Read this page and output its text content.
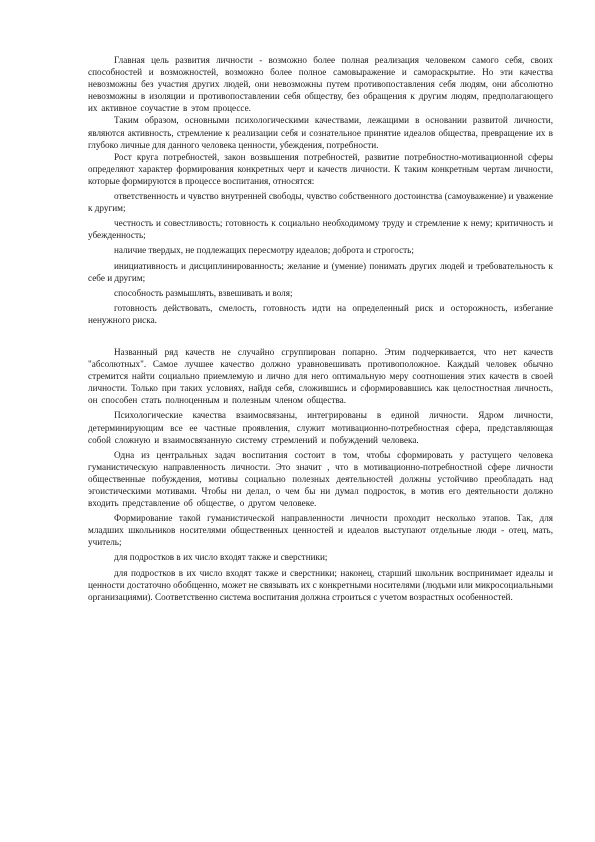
Главная цель развития личности - возможно более полная реализация человеком самого себя, своих способностей и возможностей, возможно более полное самовыражение и самораскрытие. Но эти качества невозможны без участия других людей, они невозможны путем противопоставления себя людям, они абсолютно невозможны в изоляции и противопоставлении себя обществу, без обращения к другим людям, предполагающего их активное соучастие в этом процессе.

Таким образом, основными психологическими качествами, лежащими в основании развитой личности, являются активность, стремление к реализации себя и сознательное принятие идеалов общества, превращение их в глубоко личные для данного человека ценности, убеждения, потребности.

Рост круга потребностей, закон возвышения потребностей, развитие потребностно-мотивационной сферы определяют характер формирования конкретных черт и качеств личности. К таким конкретным чертам личности, которые формируются в процессе воспитания, относятся:

ответственность и чувство внутренней свободы, чувство собственного достоинства (самоуважение) и уважение к другим;

честность и совестливость; готовность к социально необходимому труду и стремление к нему; критичность и убежденность;

наличие твердых, не подлежащих пересмотру идеалов; доброта и строгость;

инициативность и дисциплинированность; желание и (умение) понимать других людей и требовательность к себе и другим;

способность размышлять, взвешивать и воля;

готовность действовать, смелость, готовность идти на определенный риск и осторожность, избегание ненужного риска.

Названный ряд качеств не случайно сгруппирован попарно. Этим подчеркивается, что нет качеств "абсолютных". Самое лучшее качество должно уравновешивать противоположное. Каждый человек обычно стремится найти социально приемлемую и лично для него оптимальную меру соотношения этих качеств в своей личности. Только при таких условиях, найдя себя, сложившись и сформировавшись как целостностная личность, он способен стать полноценным и полезным членом общества.

Психологические качества взаимосвязаны, интегрированы в единой личности. Ядром личности, детерминирующим все ее частные проявления, служит мотивационно-потребностная сфера, представляющая собой сложную и взаимосвязанную систему стремлений и побуждений человека.

Одна из центральных задач воспитания состоит в том, чтобы сформировать у растущего человека гуманистическую направленность личности. Это значит , что в мотивационно-потребностной сфере личности общественные побуждения, мотивы социально полезных деятельностей должны устойчиво преобладать над эгоистическими мотивами. Чтобы ни делал, о чем бы ни думал подросток, в мотив его деятельности должно входить представление об обществе, о другом человеке.

Формирование такой гуманистической направленности личности проходит несколько этапов. Так, для младших школьников носителями общественных ценностей и идеалов выступают отдельные люди - отец, мать, учитель;

для подростков в их число входят также и сверстники;

для подростков в их число входят также и сверстники; наконец, старший школьник воспринимает идеалы и ценности достаточно обобщенно, может не связывать их с конкретными носителями (людьми или микросоциальными организациями). Соответственно система воспитания должна строиться с учетом возрастных особенностей.
